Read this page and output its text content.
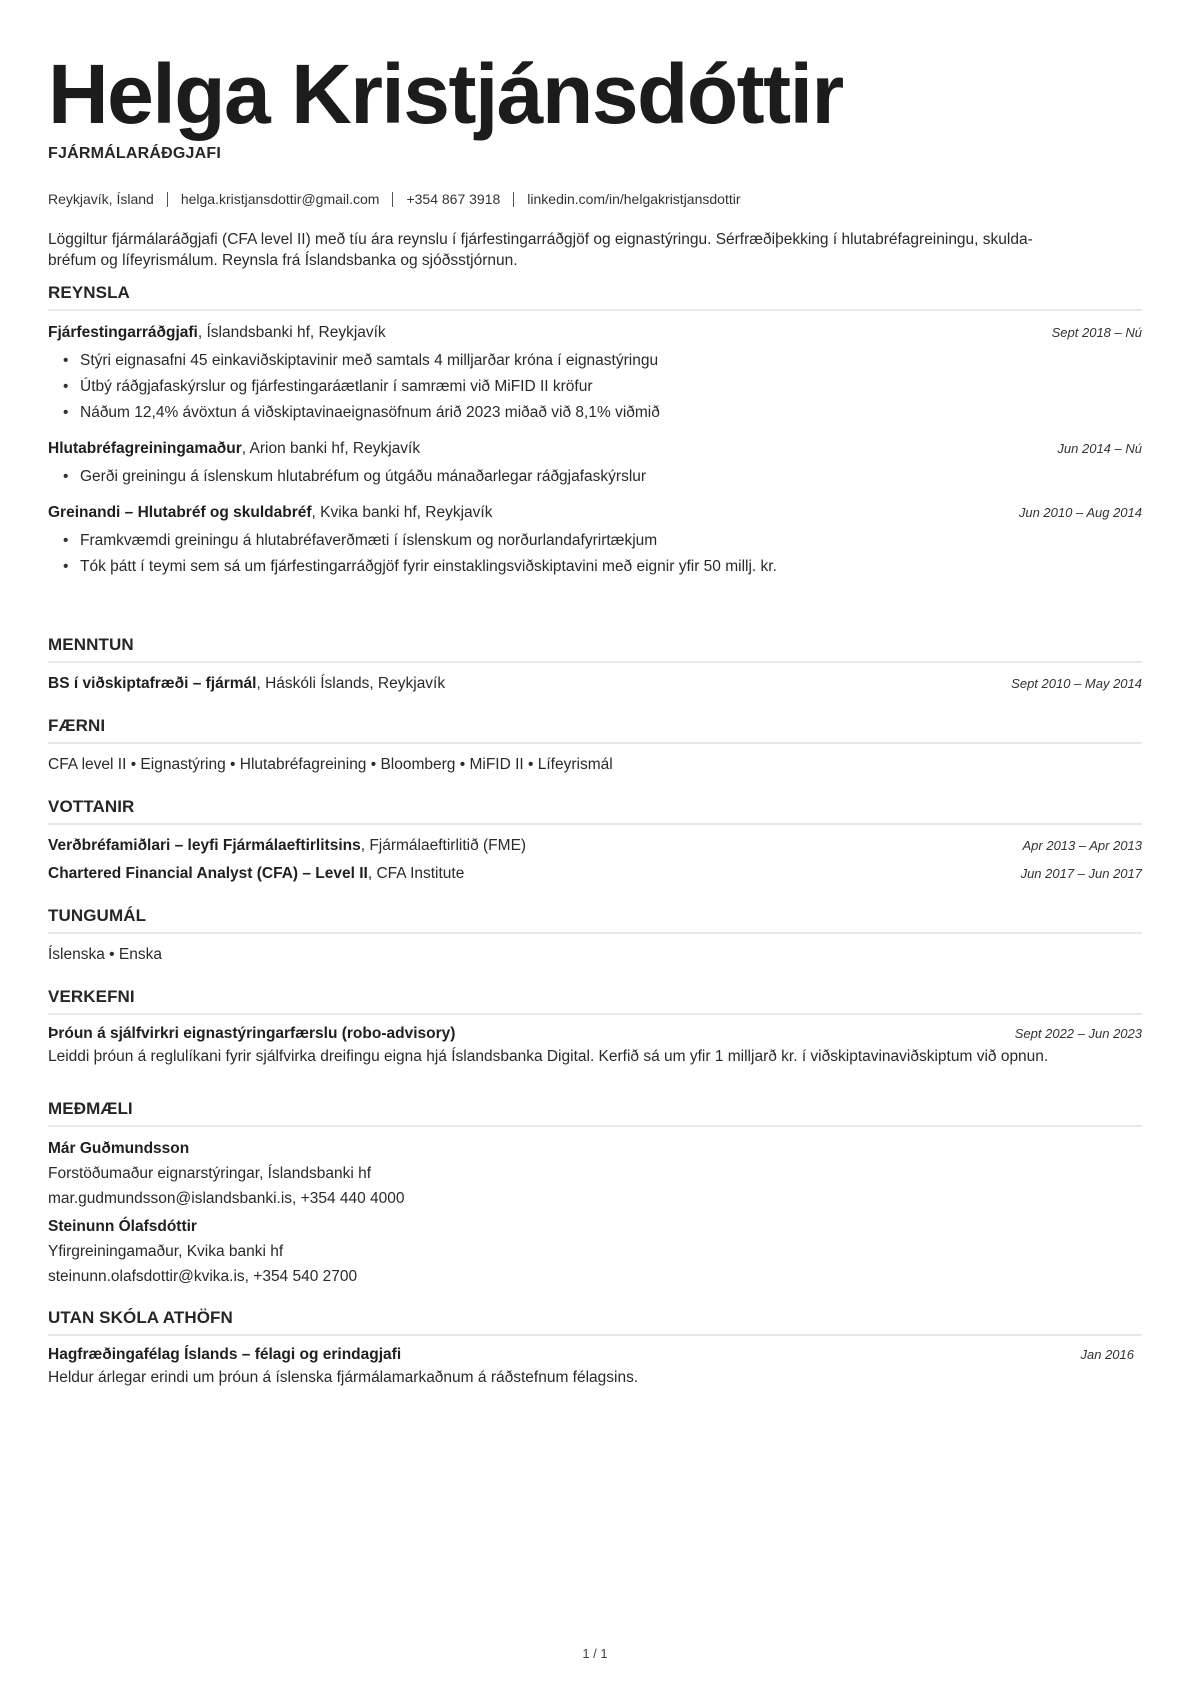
Helga Kristjánsdóttir
FJÁRMÁLARÁÐGJAFI
Reykjavík, Ísland helga.kristjansdottir@gmail.com +354 867 3918 linkedin.com/in/helgakristjansdottir
Löggiltur fjármálaráðgjafi (CFA level II) með tíu ára reynslu í fjárfestingarráðgjöf og eignastýringu. Sérfræðiþekking í hlutabréfagreiningu, skulda-
bréfum og lífeyrismálum. Reynsla frá Íslandsbanka og sjóðsstjórnun.
REYNSLA
Fjárfestingarráðgjafi, Íslandsbanki hf, Reykjavík	Sept 2018 – Nú
• Stýri eignasafni 45 einkaviðskiptavinir með samtals 4 milljarðar króna í eignastýringu
• Útbý ráðgjafaskýrslur og fjárfestingaráætlanir í samræmi við MiFID II kröfur
• Náðum 12,4% ávöxtun á viðskiptavinaeignasöfnum árið 2023 miðað við 8,1% viðmið
Hlutabréfagreiningamaður, Arion banki hf, Reykjavík	Jun 2014 – Nú
• Gerði greiningu á íslenskum hlutabréfum og útgáðu mánaðarlegar ráðgjafaskýrslur
Greinandi – Hlutabréf og skuldabréf, Kvika banki hf, Reykjavík	Jun 2010 – Aug 2014
• Framkvæmdi greiningu á hlutabréfaverðmæti í íslenskum og norðurlandafyrirtækjum
• Tók þátt í teymi sem sá um fjárfestingarráðgjöf fyrir einstaklingsviðskiptavini með eignir yfir 50 millj. kr.
MENNTUN
BS í viðskiptafræði – fjármál, Háskóli Íslands, Reykjavík	Sept 2010 – May 2014
FÆRNI
CFA level II • Eignastýring • Hlutabréfagreining • Bloomberg • MiFID II • Lífeyrismál
VOTTANIR
Verðbréfamiðlari – leyfi Fjármálaeftirlitsins, Fjármálaeftirlitið (FME)	Apr 2013 – Apr 2013
Chartered Financial Analyst (CFA) – Level II, CFA Institute	Jun 2017 – Jun 2017
TUNGUMÁL
Íslenska • Enska
VERKEFNI
Þróun á sjálfvirkri eignastýringarfærslu (robo-advisory)	Sept 2022 – Jun 2023
Leiddi þróun á reglulíkani fyrir sjálfvirka dreifingu eigna hjá Íslandsbanka Digital. Kerfið sá um yfir 1 milljarð kr. í viðskiptavinaviðskiptum við opnun.
MEÐMÆLI
Már Guðmundsson
Forstöðumaður eignarstýringar, Íslandsbanki hf
mar.gudmundsson@islandsbanki.is, +354 440 4000
Steinunn Ólafsdóttir
Yfirgreiningamaður, Kvika banki hf
steinunn.olafsdottir@kvika.is, +354 540 2700
UTAN SKÓLA ATHÖFN
Hagfræðingafélag Íslands – félagi og erindagjafi	Jan 2016
Heldur árlegar erindi um þróun á íslenska fjármálamarkaðnum á ráðstefnum félagsins.
1 / 1
